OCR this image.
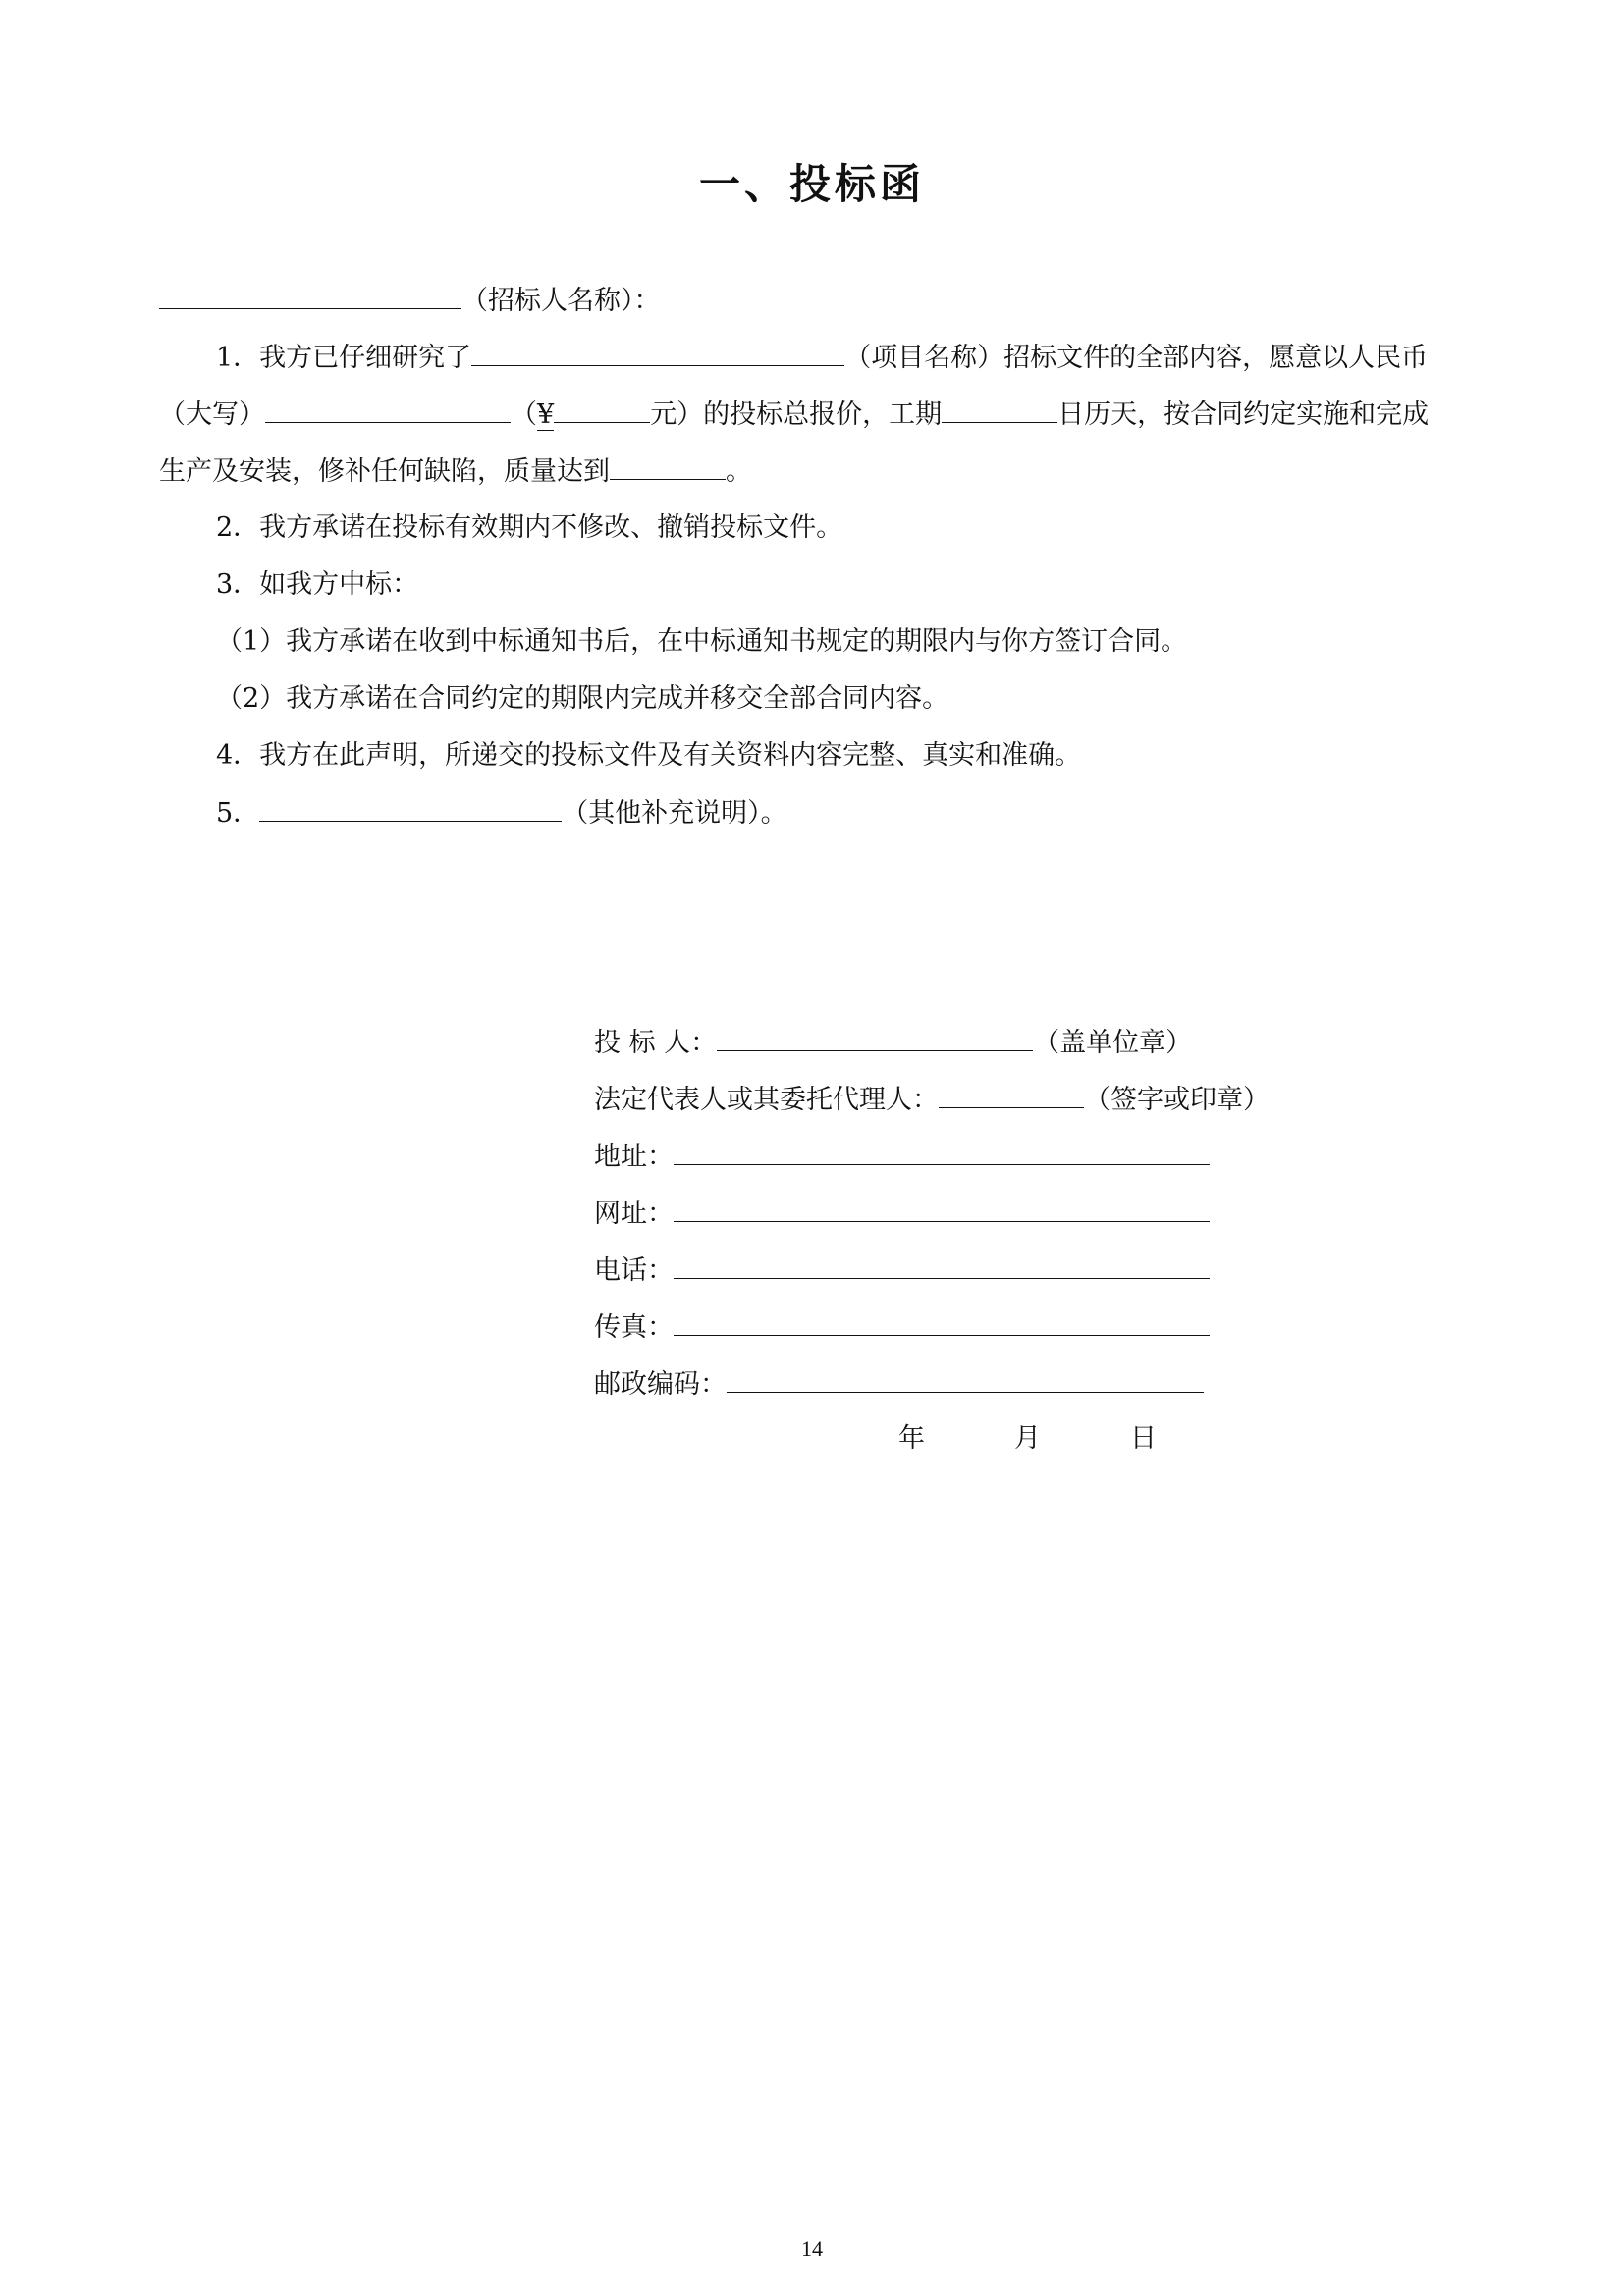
一、投标函
（招标人名称）：
1．我方已仔细研究了	（项目名称）招标文件的全部内容，愿意以人民币
（大写）	（¥	元）的投标总报价，工期	日历天，按合同约定实施和完成
生产及安装，修补任何缺陷，质量达到	。
2．我方承诺在投标有效期内不修改、撤销投标文件。
3．如我方中标：
（1）我方承诺在收到中标通知书后，在中标通知书规定的期限内与你方签订合同。
（2）我方承诺在合同约定的期限内完成并移交全部合同内容。
4．我方在此声明，所递交的投标文件及有关资料内容完整、真实和准确。
5．	（其他补充说明）。
投 标 人：	（盖单位章）
法定代表人或其委托代理人：	（签字或印章）
地址：
网址：
电话：
传真：
邮政编码：
年	月	日
14
